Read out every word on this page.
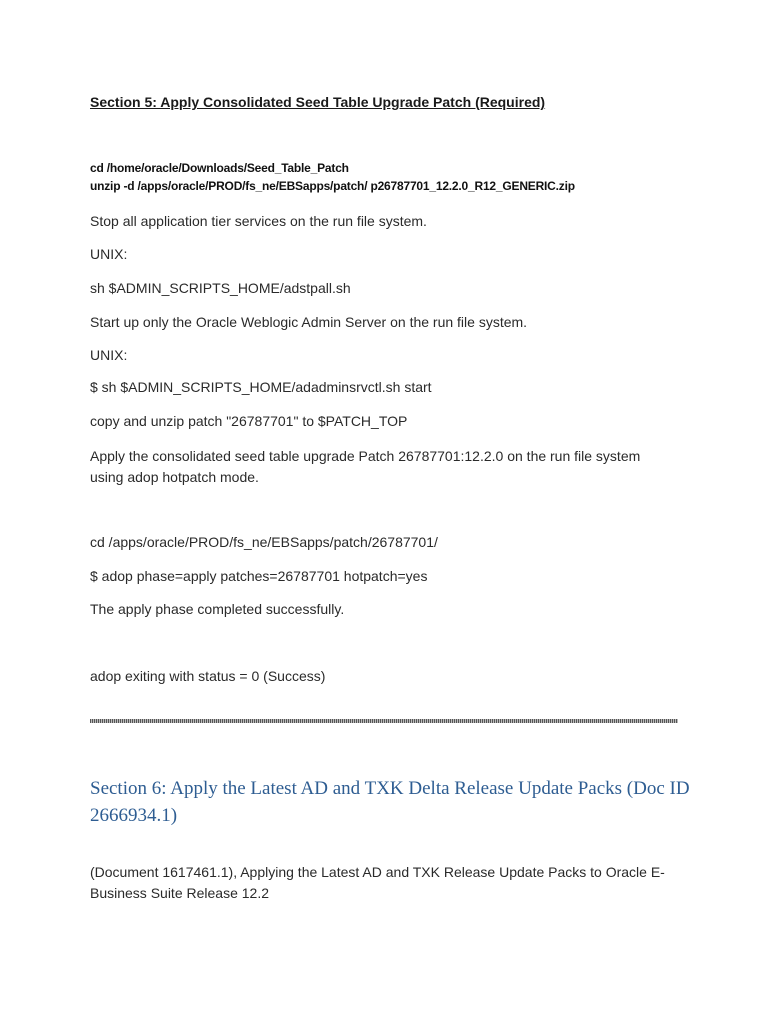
Section 5: Apply Consolidated Seed Table Upgrade Patch (Required)
cd /home/oracle/Downloads/Seed_Table_Patch
unzip -d /apps/oracle/PROD/fs_ne/EBSapps/patch/ p26787701_12.2.0_R12_GENERIC.zip
Stop all application tier services on the run file system.
UNIX:
sh $ADMIN_SCRIPTS_HOME/adstpall.sh
Start up only the Oracle Weblogic Admin Server on the run file system.
UNIX:
$ sh $ADMIN_SCRIPTS_HOME/adadminsrvctl.sh start
copy and unzip patch "26787701" to $PATCH_TOP
Apply the consolidated seed table upgrade Patch 26787701:12.2.0 on the run file system using adop hotpatch mode.
cd /apps/oracle/PROD/fs_ne/EBSapps/patch/26787701/
$ adop phase=apply patches=26787701 hotpatch=yes
The apply phase completed successfully.
adop exiting with status = 0 (Success)
Section 6: Apply the Latest AD and TXK Delta Release Update Packs (Doc ID 2666934.1)
(Document 1617461.1), Applying the Latest AD and TXK Release Update Packs to Oracle E-Business Suite Release 12.2
